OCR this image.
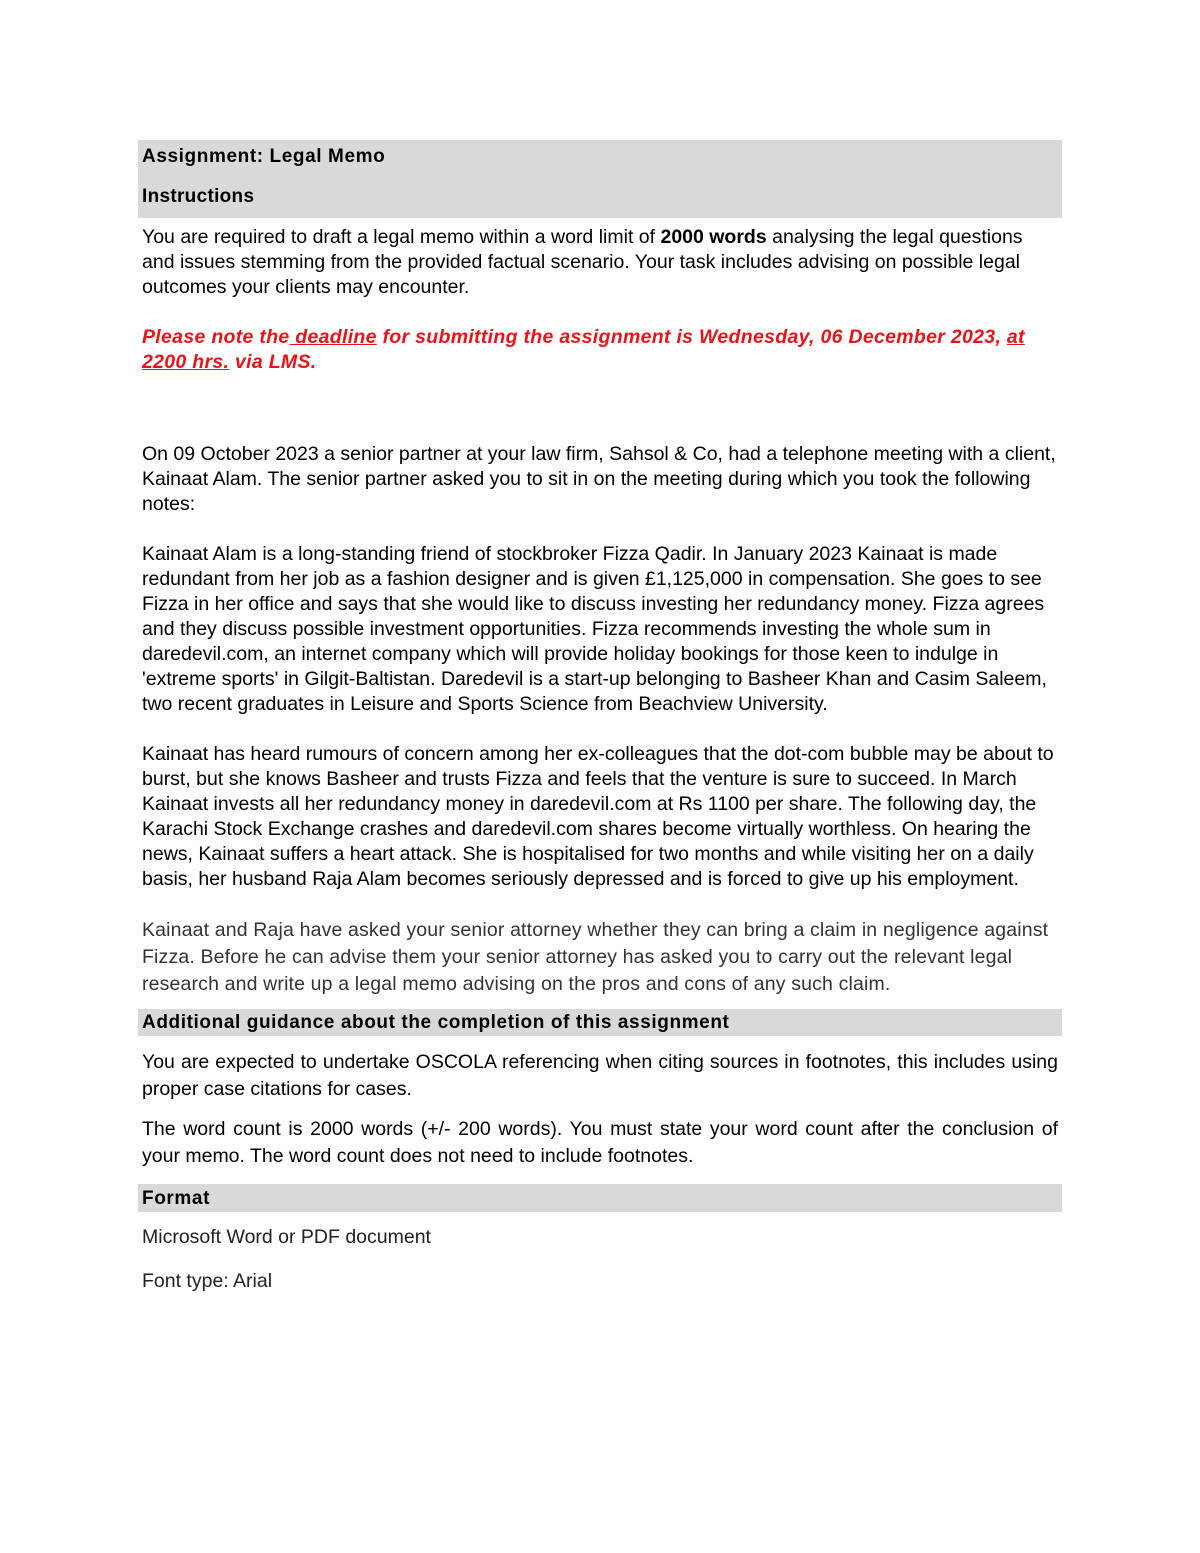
Assignment: Legal Memo
Instructions

You are required to draft a legal memo within a word limit of 2000 words analysing the legal questions and issues stemming from the provided factual scenario. Your task includes advising on possible legal outcomes your clients may encounter.

Please note the deadline for submitting the assignment is Wednesday, 06 December 2023, at 2200 hrs. via LMS.

On 09 October 2023 a senior partner at your law firm, Sahsol & Co, had a telephone meeting with a client, Kainaat Alam. The senior partner asked you to sit in on the meeting during which you took the following notes:

Kainaat Alam is a long-standing friend of stockbroker Fizza Qadir. In January 2023 Kainaat is made redundant from her job as a fashion designer and is given £1,125,000 in compensation. She goes to see Fizza in her office and says that she would like to discuss investing her redundancy money. Fizza agrees and they discuss possible investment opportunities. Fizza recommends investing the whole sum in daredevil.com, an internet company which will provide holiday bookings for those keen to indulge in 'extreme sports' in Gilgit-Baltistan. Daredevil is a start-up belonging to Basheer Khan and Casim Saleem, two recent graduates in Leisure and Sports Science from Beachview University.

Kainaat has heard rumours of concern among her ex-colleagues that the dot-com bubble may be about to burst, but she knows Basheer and trusts Fizza and feels that the venture is sure to succeed. In March Kainaat invests all her redundancy money in daredevil.com at Rs 1100 per share. The following day, the Karachi Stock Exchange crashes and daredevil.com shares become virtually worthless. On hearing the news, Kainaat suffers a heart attack. She is hospitalised for two months and while visiting her on a daily basis, her husband Raja Alam becomes seriously depressed and is forced to give up his employment.

Kainaat and Raja have asked your senior attorney whether they can bring a claim in negligence against Fizza. Before he can advise them your senior attorney has asked you to carry out the relevant legal research and write up a legal memo advising on the pros and cons of any such claim.

Additional guidance about the completion of this assignment

You are expected to undertake OSCOLA referencing when citing sources in footnotes, this includes using proper case citations for cases.

The word count is 2000 words (+/- 200 words). You must state your word count after the conclusion of your memo. The word count does not need to include footnotes.

Format

Microsoft Word or PDF document

Font type: Arial
